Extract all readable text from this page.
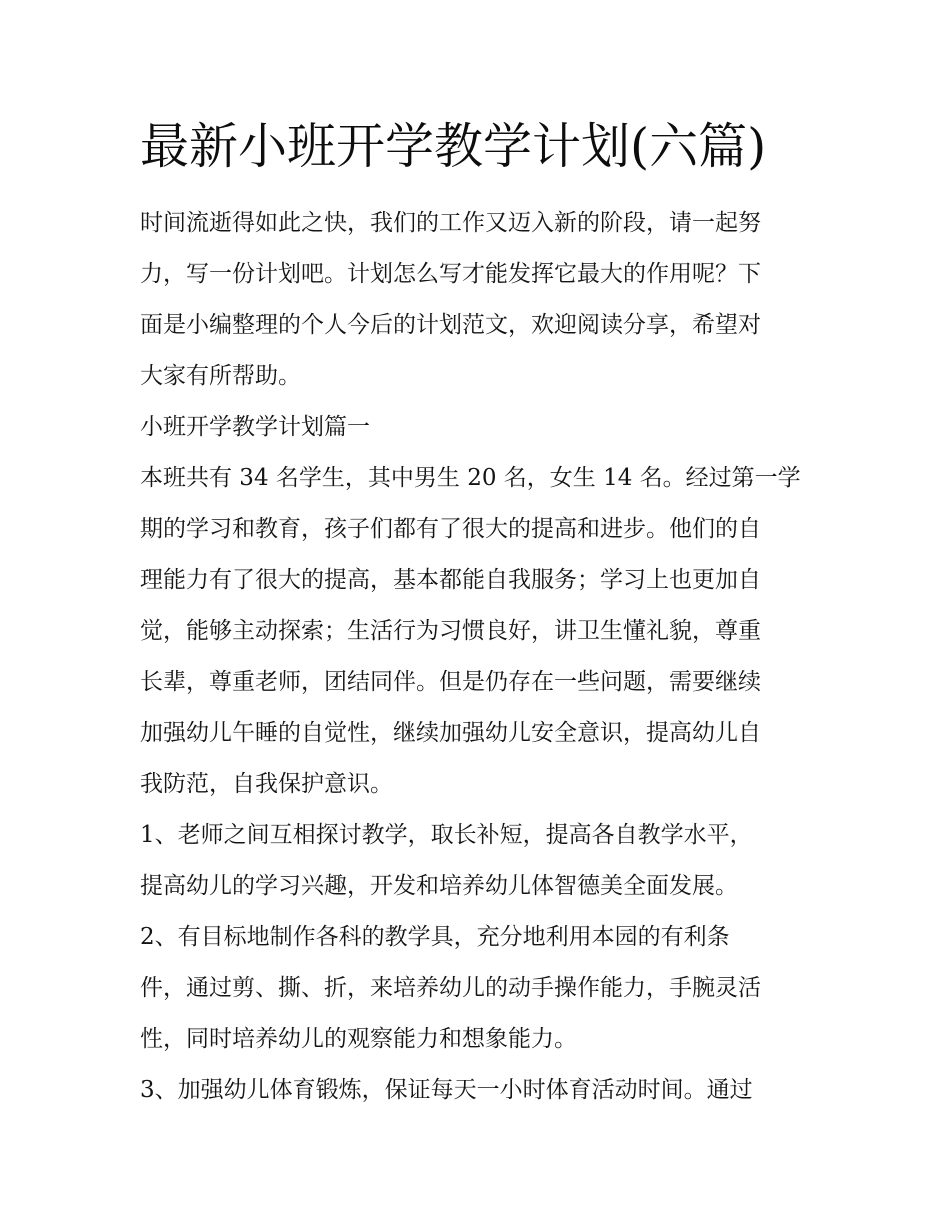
最新小班开学教学计划(六篇)
时间流逝得如此之快，我们的工作又迈入新的阶段，请一起努
力，写一份计划吧。计划怎么写才能发挥它最大的作用呢？下
面是小编整理的个人今后的计划范文，欢迎阅读分享，希望对
大家有所帮助。
小班开学教学计划篇一
本班共有 34 名学生，其中男生 20 名，女生 14 名。经过第一学
期的学习和教育，孩子们都有了很大的提高和进步。他们的自
理能力有了很大的提高，基本都能自我服务；学习上也更加自
觉，能够主动探索；生活行为习惯良好，讲卫生懂礼貌，尊重
长辈，尊重老师，团结同伴。但是仍存在一些问题，需要继续
加强幼儿午睡的自觉性，继续加强幼儿安全意识，提高幼儿自
我防范，自我保护意识。
1、老师之间互相探讨教学，取长补短，提高各自教学水平，
提高幼儿的学习兴趣，开发和培养幼儿体智德美全面发展。
2、有目标地制作各科的教学具，充分地利用本园的有利条
件，通过剪、撕、折，来培养幼儿的动手操作能力，手腕灵活
性，同时培养幼儿的观察能力和想象能力。
3、加强幼儿体育锻炼，保证每天一小时体育活动时间。通过
